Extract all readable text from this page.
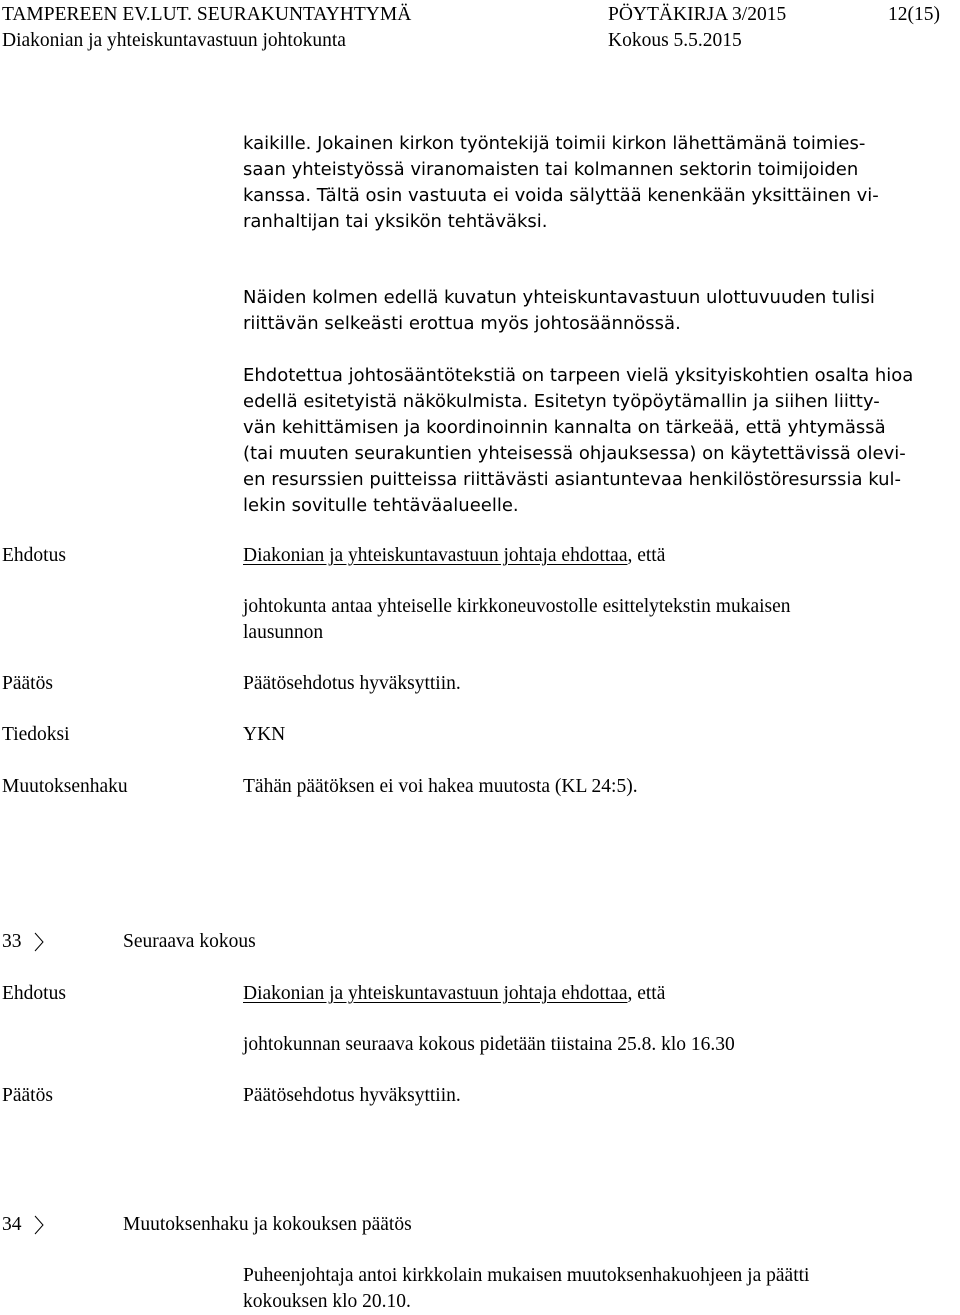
TAMPEREEN EV.LUT. SEURAKUNTAYHTYMÄ	PÖYTÄKIRJA 3/2015	12(15)
Diakonian ja yhteiskuntavastuun johtokunta	Kokous 5.5.2015
kaikille. Jokainen kirkon työntekijä toimii kirkon lähettämänä toimies-
saan yhteistyössä viranomaisten tai kolmannen sektorin toimijoiden
kanssa. Tältä osin vastuuta ei voida sälyttää kenenkään yksittäinen vi-
ranhaltijan tai yksikön tehtäväksi.
Näiden kolmen edellä kuvatun yhteiskuntavastuun ulottuvuuden tulisi
riittävän selkeästi erottua myös johtosäännössä.
Ehdotettua johtosääntötekstiä on tarpeen vielä yksityiskohtien osalta hioa
edellä esitetyistä näkökulmista. Esitetyn työpöytämallin ja siihen liitty-
vän kehittämisen ja koordinoinnin kannalta on tärkeää, että yhtymässä
(tai muuten seurakuntien yhteisessä ohjauksessa) on käytettävissä olevi-
en resurssien puitteissa riittävästi asiantuntevaa henkilöstöresurssia kul-
lekin sovitulle tehtäväalueelle.
Ehdotus	Diakonian ja yhteiskuntavastuun johtaja ehdottaa, että
johtokunta antaa yhteiselle kirkkoneuvostolle esittelytekstin mukaisen
lausunnon
Päätös	Päätösehdotus hyväksyttiin.
Tiedoksi	YKN
Muutoksenhaku	Tähän päätöksen ei voi hakea muutosta (KL 24:5).
33	Seuraava kokous
Ehdotus	Diakonian ja yhteiskuntavastuun johtaja ehdottaa, että
johtokunnan seuraava kokous pidetään tiistaina 25.8. klo 16.30
Päätös	Päätösehdotus hyväksyttiin.
34	Muutoksenhaku ja kokouksen päätös
Puheenjohtaja antoi kirkkolain mukaisen muutoksenhakuohjeen ja päätti
kokouksen klo 20.10.
